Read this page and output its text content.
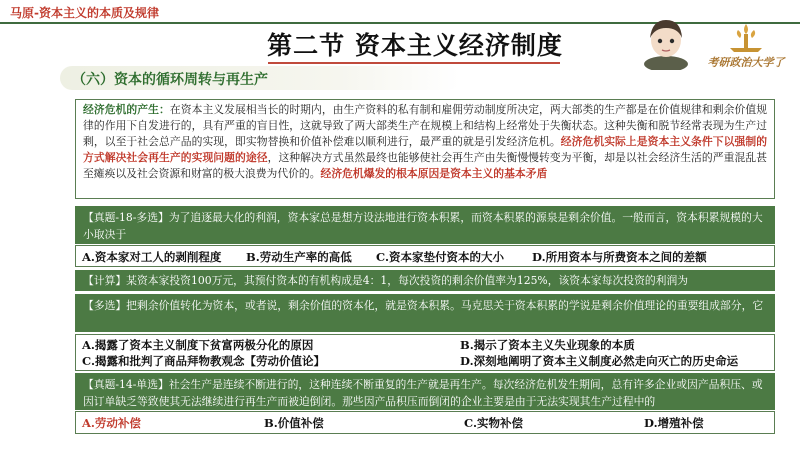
马原-资本主义的本质及规律
第二节 资本主义经济制度
考研政治大学了
（六）资本的循环周转与再生产
经济危机的产生：在资本主义发展相当长的时期内，由生产资料的私有制和雇佣劳动制度所决定，两大部类的生产都是在价值规律和剩余价值规律的作用下自发进行的，具有严重的盲目性，这就导致了两大部类生产在规模上和结构上经常处于失衡状态。这种失衡和脱节经常表现为生产过剩，以至于社会总产品的实现，即实物替换和价值补偿难以顺利进行，最严重的就是引发经济危机。经济危机实际上是资本主义条件下以强制的方式解决社会再生产的实现问题的途径，这种解决方式虽然最终也能够使社会再生产由失衡慢慢转变为平衡，却是以社会经济生活的严重混乱甚至瘫痪以及社会资源和财富的极大浪费为代价的。经济危机爆发的根本原因是资本主义的基本矛盾
【真题-18-多选】为了追逐最大化的利润，资本家总是想方设法地进行资本积累，而资本积累的源泉是剩余价值。一般而言，资本积累规模的大小取决于
A.资本家对工人的剥削程度 B.劳动生产率的高低 C.资本家垫付资本的大小 D.所用资本与所费资本之间的差额
【计算】某资本家投资100万元，其预付资本的有机构成是4：1，每次投资的剩余价值率为125%，该资本家每次投资的利润为
【多选】把剩余价值转化为资本，或者说，剩余价值的资本化，就是资本积累。马克思关于资本积累的学说是剩余价值理论的重要组成部分，它
A.揭露了资本主义制度下贫富两极分化的原因	B.揭示了资本主义失业现象的本质
C.揭露和批判了商品拜物教观念【劳动价值论】	D.深刻地阐明了资本主义制度必然走向灭亡的历史命运
【真题-14-单选】社会生产是连续不断进行的，这种连续不断重复的生产就是再生产。每次经济危机发生期间，总有许多企业或因产品积压、或因订单缺乏等致使其无法继续进行再生产而被迫倒闭。那些因产品积压而倒闭的企业主要是由于无法实现其生产过程中的
A.劳动补偿	B.价值补偿	C.实物补偿	D.增殖补偿
